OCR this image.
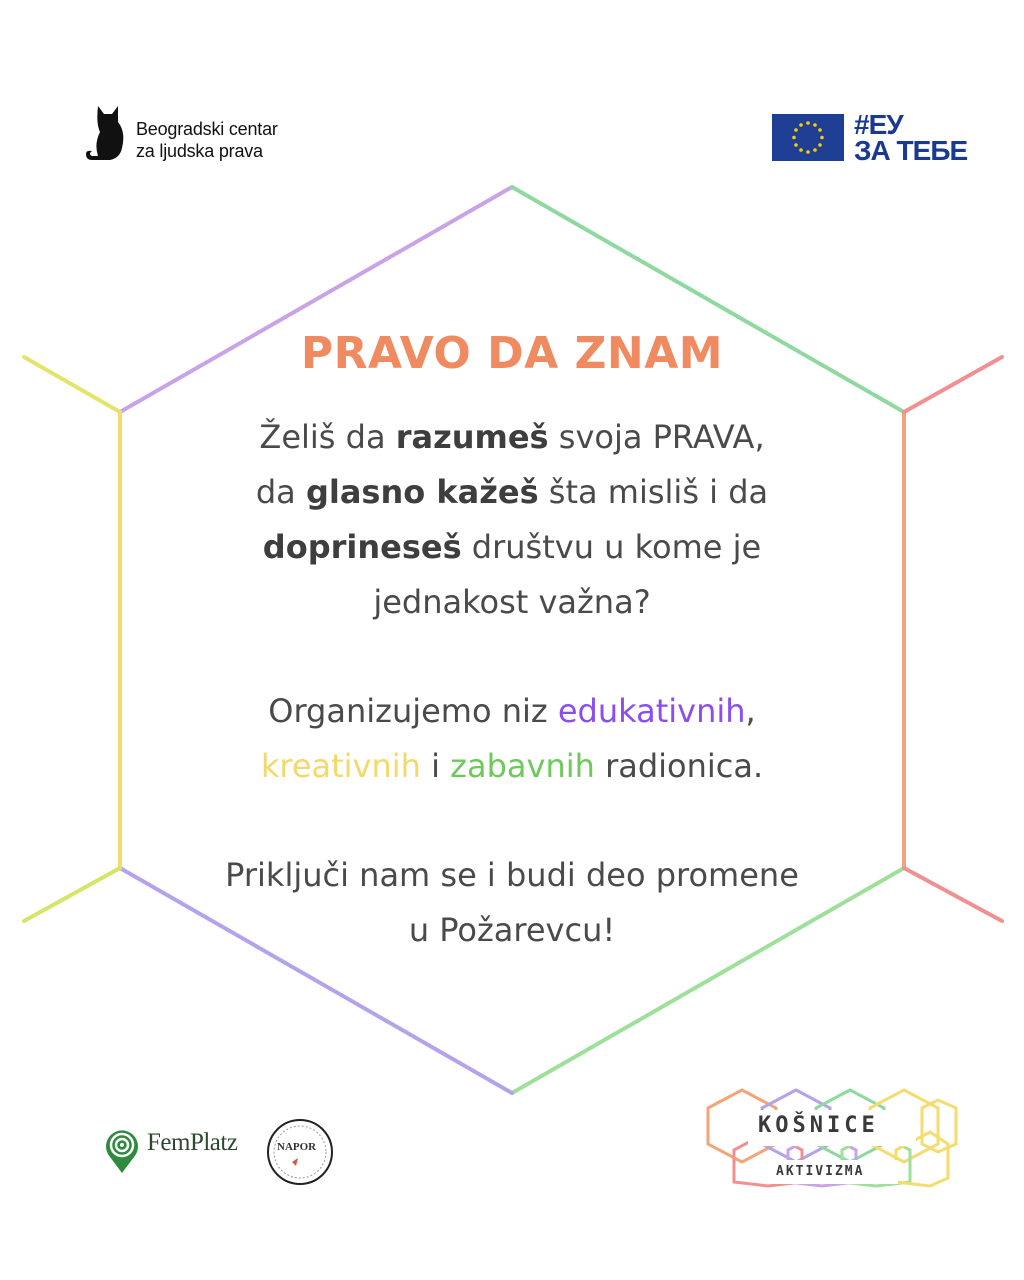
Beogradski centar
za ljudska prava
#ЕУ
ЗА ТЕБЕ
PRAVO DA ZNAM
Želiš da razumeš svoja PRAVA,
da glasno kažeš šta misliš i da
doprineseš društvu u kome je
jednakost važna?
Organizujemo niz edukativnih,
kreativnih i zabavnih radionica.
Priključi nam se i budi deo promene
u Požarevcu!
FemPlatz	NAPOR
KOŠNICE
AKTIVIZMA
